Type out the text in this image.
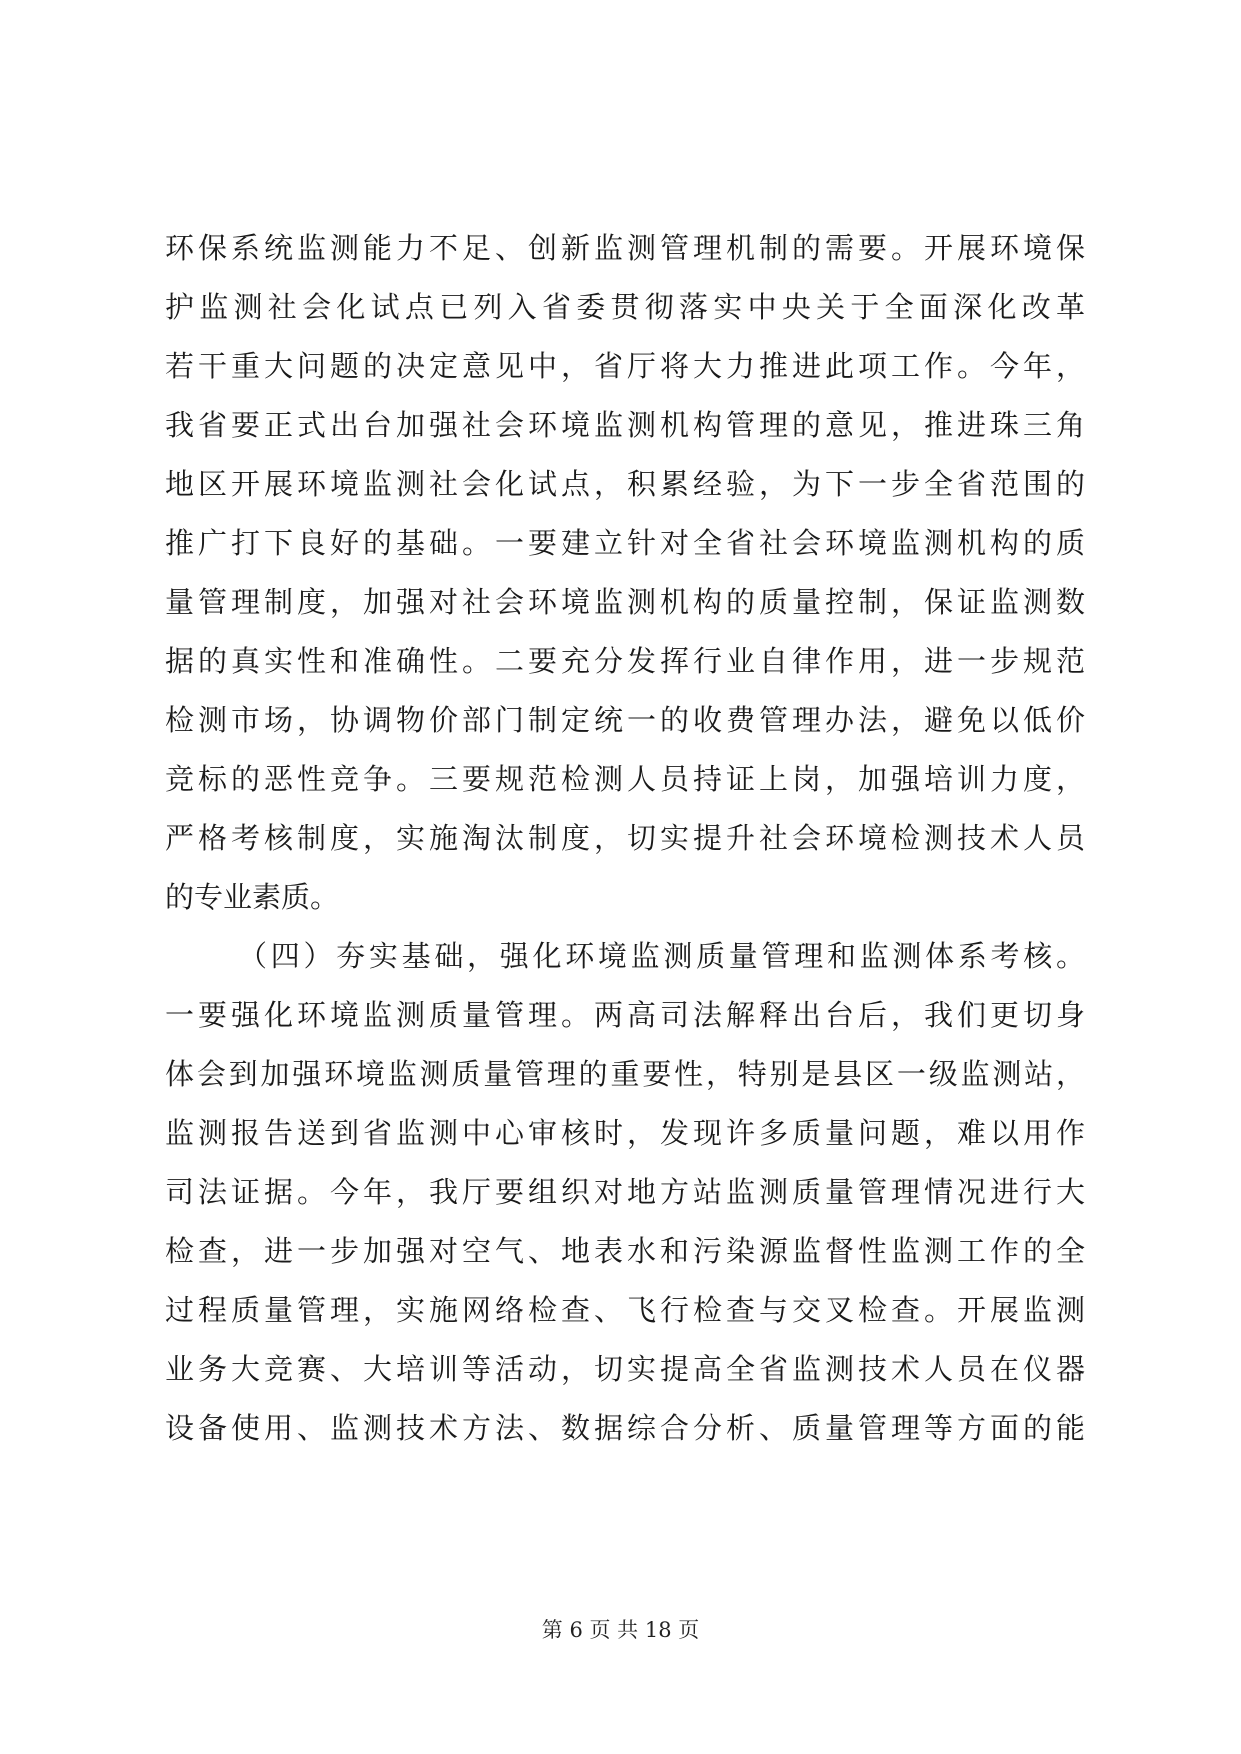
环保系统监测能力不足、创新监测管理机制的需要。开展环境保
护监测社会化试点已列入省委贯彻落实中央关于全面深化改革
若干重大问题的决定意见中，省厅将大力推进此项工作。今年，
我省要正式出台加强社会环境监测机构管理的意见，推进珠三角
地区开展环境监测社会化试点，积累经验，为下一步全省范围的
推广打下良好的基础。一要建立针对全省社会环境监测机构的质
量管理制度，加强对社会环境监测机构的质量控制，保证监测数
据的真实性和准确性。二要充分发挥行业自律作用，进一步规范
检测市场，协调物价部门制定统一的收费管理办法，避免以低价
竞标的恶性竞争。三要规范检测人员持证上岗，加强培训力度，
严格考核制度，实施淘汰制度，切实提升社会环境检测技术人员
的专业素质。
（四）夯实基础，强化环境监测质量管理和监测体系考核。
一要强化环境监测质量管理。两高司法解释出台后，我们更切身
体会到加强环境监测质量管理的重要性，特别是县区一级监测站，
监测报告送到省监测中心审核时，发现许多质量问题，难以用作
司法证据。今年，我厅要组织对地方站监测质量管理情况进行大
检查，进一步加强对空气、地表水和污染源监督性监测工作的全
过程质量管理，实施网络检查、飞行检查与交叉检查。开展监测
业务大竞赛、大培训等活动，切实提高全省监测技术人员在仪器
设备使用、监测技术方法、数据综合分析、质量管理等方面的能
第 6 页 共 18 页
